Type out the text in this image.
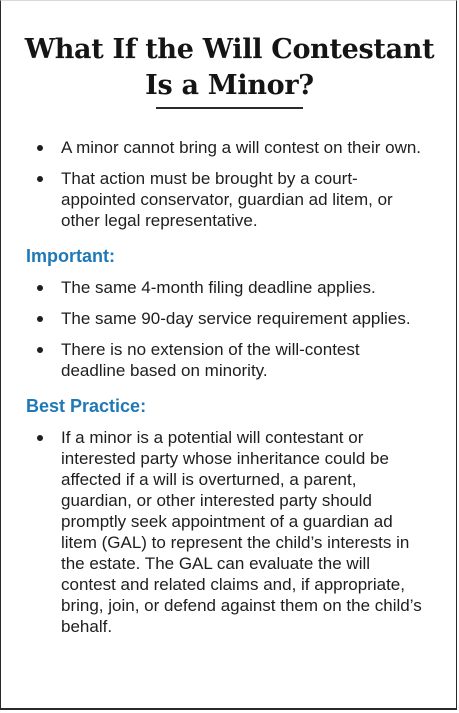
What If the Will Contestant
Is a Minor?
A minor cannot bring a will contest on their own.
That action must be brought by a court-appointed conservator, guardian ad litem, or other legal representative.
Important:
The same 4-month filing deadline applies.
The same 90-day service requirement applies.
There is no extension of the will-contest deadline based on minority.
Best Practice:
If a minor is a potential will contestant or interested party whose inheritance could be affected if a will is overturned, a parent, guardian, or other interested party should promptly seek appointment of a guardian ad litem (GAL) to represent the child’s interests in the estate. The GAL can evaluate the will contest and related claims and, if appropriate, bring, join, or defend against them on the child’s behalf.
